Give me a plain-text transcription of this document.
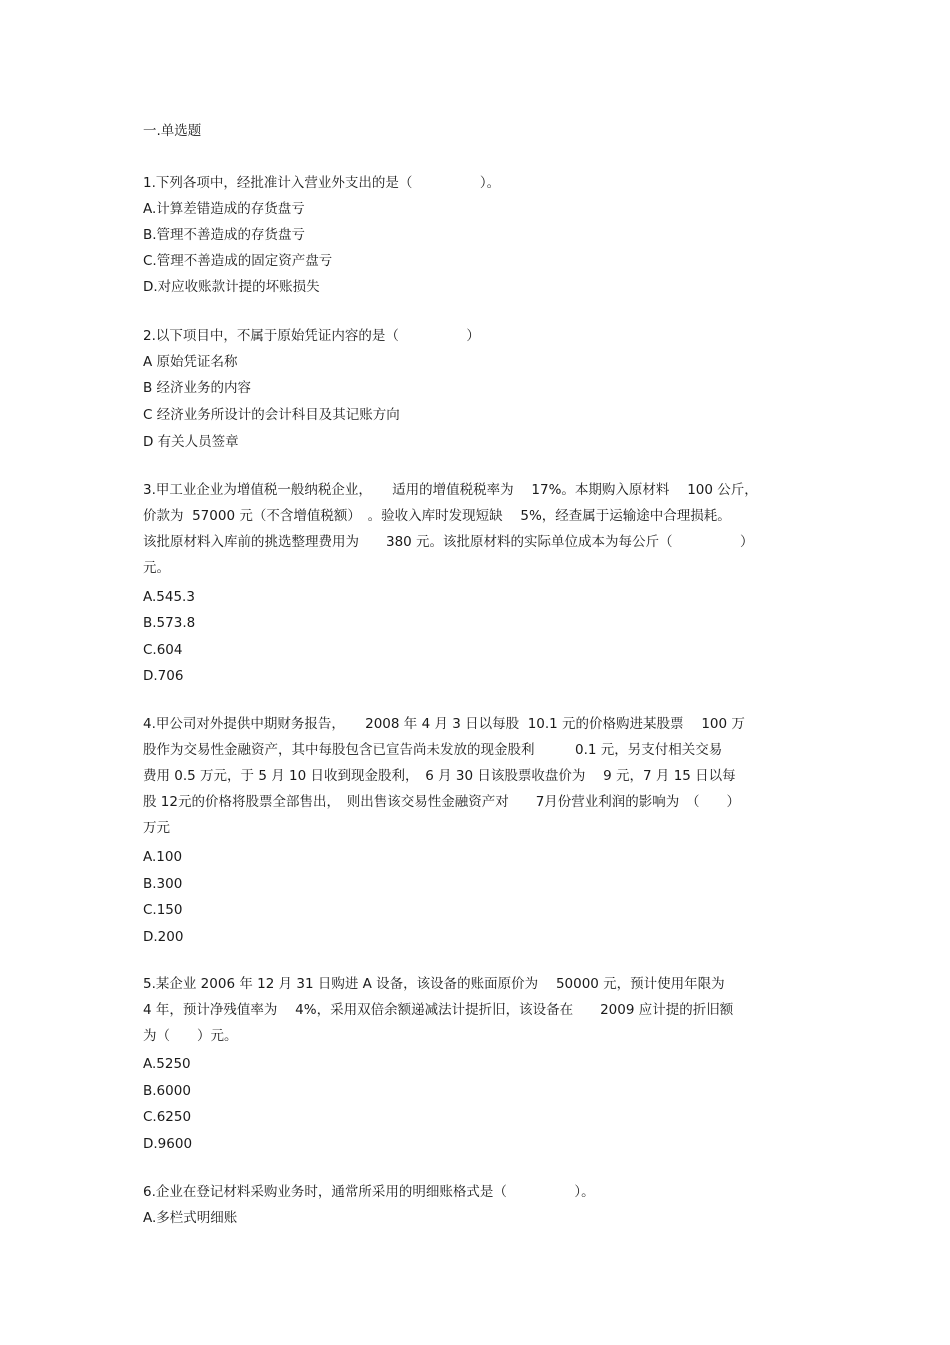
一.单选题
1.下列各项中，经批准计入营业外支出的是（　　　　　）。
A.计算差错造成的存货盘亏
B.管理不善造成的存货盘亏
C.管理不善造成的固定资产盘亏
D.对应收账款计提的坏账损失
2.以下项目中，不属于原始凭证内容的是（　　　　　）
A 原始凭证名称
B 经济业务的内容
C 经济业务所设计的会计科目及其记账方向
D 有关人员签章
3.甲工业企业为增值税一般纳税企业，　　适用的增值税税率为　 17%。本期购入原材料　 100 公斤，
价款为  57000 元（不含增值税额）　。验收入库时发现短缺　 5%，经查属于运输途中合理损耗。
该批原材料入库前的挑选整理费用为　　380 元。该批原材料的实际单位成本为每公斤（　　　　　）
元。
A.545.3
B.573.8
C.604
D.706
4.甲公司对外提供中期财务报告，　　2008 年 4 月 3 日以每股  10.1 元的价格购进某股票　 100 万
股作为交易性金融资产，其中每股包含已宣告尚未发放的现金股利　　　0.1 元，另支付相关交易
费用 0.5 万元，于 5 月 10 日收到现金股利，　6 月 30 日该股票收盘价为　 9 元，7 月 15 日以每
股 12元的价格将股票全部售出，　则出售该交易性金融资产对　　7月份营业利润的影响为　（　　）
万元
A.100
B.300
C.150
D.200
5.某企业 2006 年 12 月 31 日购进 A 设备，该设备的账面原价为　 50000 元，预计使用年限为
4 年，预计净残值率为　 4%，采用双倍余额递减法计提折旧，该设备在　　2009 应计提的折旧额
为（　　）元。
A.5250
B.6000
C.6250
D.9600
6.企业在登记材料采购业务时，通常所采用的明细账格式是（　　　　　）。
A.多栏式明细账
